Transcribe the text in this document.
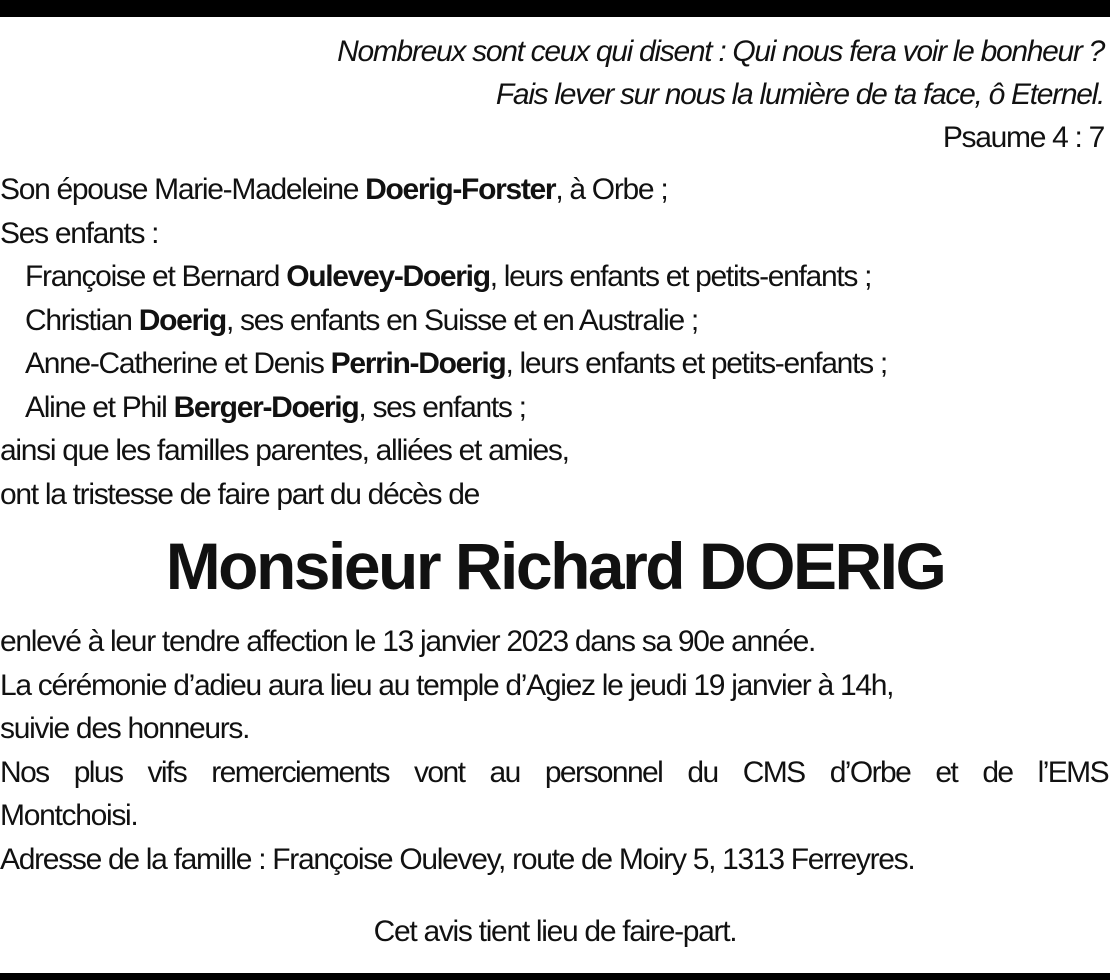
Nombreux sont ceux qui disent : Qui nous fera voir le bonheur ?
Fais lever sur nous la lumière de ta face, ô Eternel.
Psaume 4 : 7
Son épouse Marie-Madeleine Doerig-Forster, à Orbe ;
Ses enfants :
Françoise et Bernard Oulevey-Doerig, leurs enfants et petits-enfants ;
Christian Doerig, ses enfants en Suisse et en Australie ;
Anne-Catherine et Denis Perrin-Doerig, leurs enfants et petits-enfants ;
Aline et Phil Berger-Doerig, ses enfants ;
ainsi que les familles parentes, alliées et amies,
ont la tristesse de faire part du décès de
Monsieur Richard DOERIG
enlevé à leur tendre affection le 13 janvier 2023 dans sa 90e année.
La cérémonie d’adieu aura lieu au temple d’Agiez le jeudi 19 janvier à 14h,
suivie des honneurs.
Nos plus vifs remerciements vont au personnel du CMS d’Orbe et de l’EMS
Montchoisi.
Adresse de la famille : Françoise Oulevey, route de Moiry 5, 1313 Ferreyres.
Cet avis tient lieu de faire-part.
